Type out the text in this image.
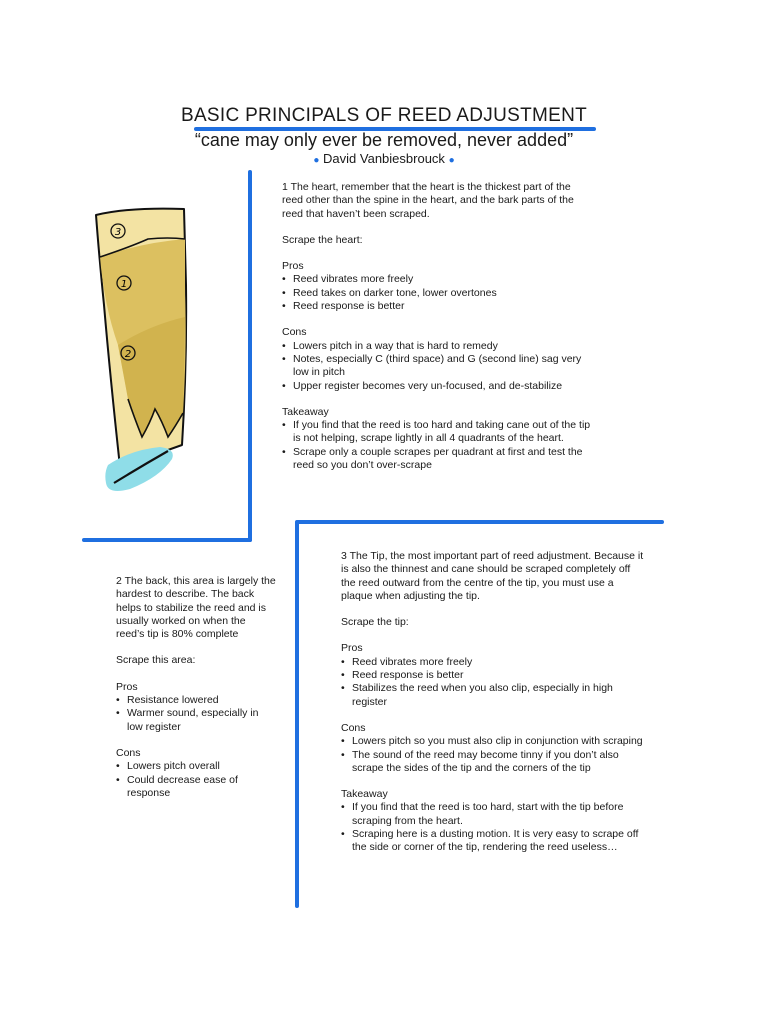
BASIC PRINCIPALS OF REED ADJUSTMENT
“cane may only ever be removed, never added”
● David Vanbiesbrouck ●
3
1
2

1 The heart, remember that the heart is the thickest part of the reed other than the spine in the heart, and the bark parts of the reed that haven’t been scraped.

Scrape the heart:

Pros
• Reed vibrates more freely
• Reed takes on darker tone, lower overtones
• Reed response is better
Cons
• Lowers pitch in a way that is hard to remedy
• Notes, especially C (third space) and G (second line) sag very low in pitch
• Upper register becomes very un-focused, and de-stabilize
Takeaway
• If you find that the reed is too hard and taking cane out of the tip is not helping, scrape lightly in all 4 quadrants of the heart.
• Scrape only a couple scrapes per quadrant at first and test the reed so you don’t over-scrape

2 The back, this area is largely the hardest to describe. The back helps to stabilize the reed and is usually worked on when the reed’s tip is 80% complete

Scrape this area:

Pros
• Resistance lowered
• Warmer sound, especially in low register
Cons
• Lowers pitch overall
• Could decrease ease of response

3 The Tip, the most important part of reed adjustment. Because it is also the thinnest and cane should be scraped completely off the reed outward from the centre of the tip, you must use a plaque when adjusting the tip.

Scrape the tip:

Pros
• Reed vibrates more freely
• Reed response is better
• Stabilizes the reed when you also clip, especially in high register
Cons
• Lowers pitch so you must also clip in conjunction with scraping
• The sound of the reed may become tinny if you don’t also scrape the sides of the tip and the corners of the tip
Takeaway
• If you find that the reed is too hard, start with the tip before scraping from the heart.
• Scraping here is a dusting motion. It is very easy to scrape off the side or corner of the tip, rendering the reed useless…
